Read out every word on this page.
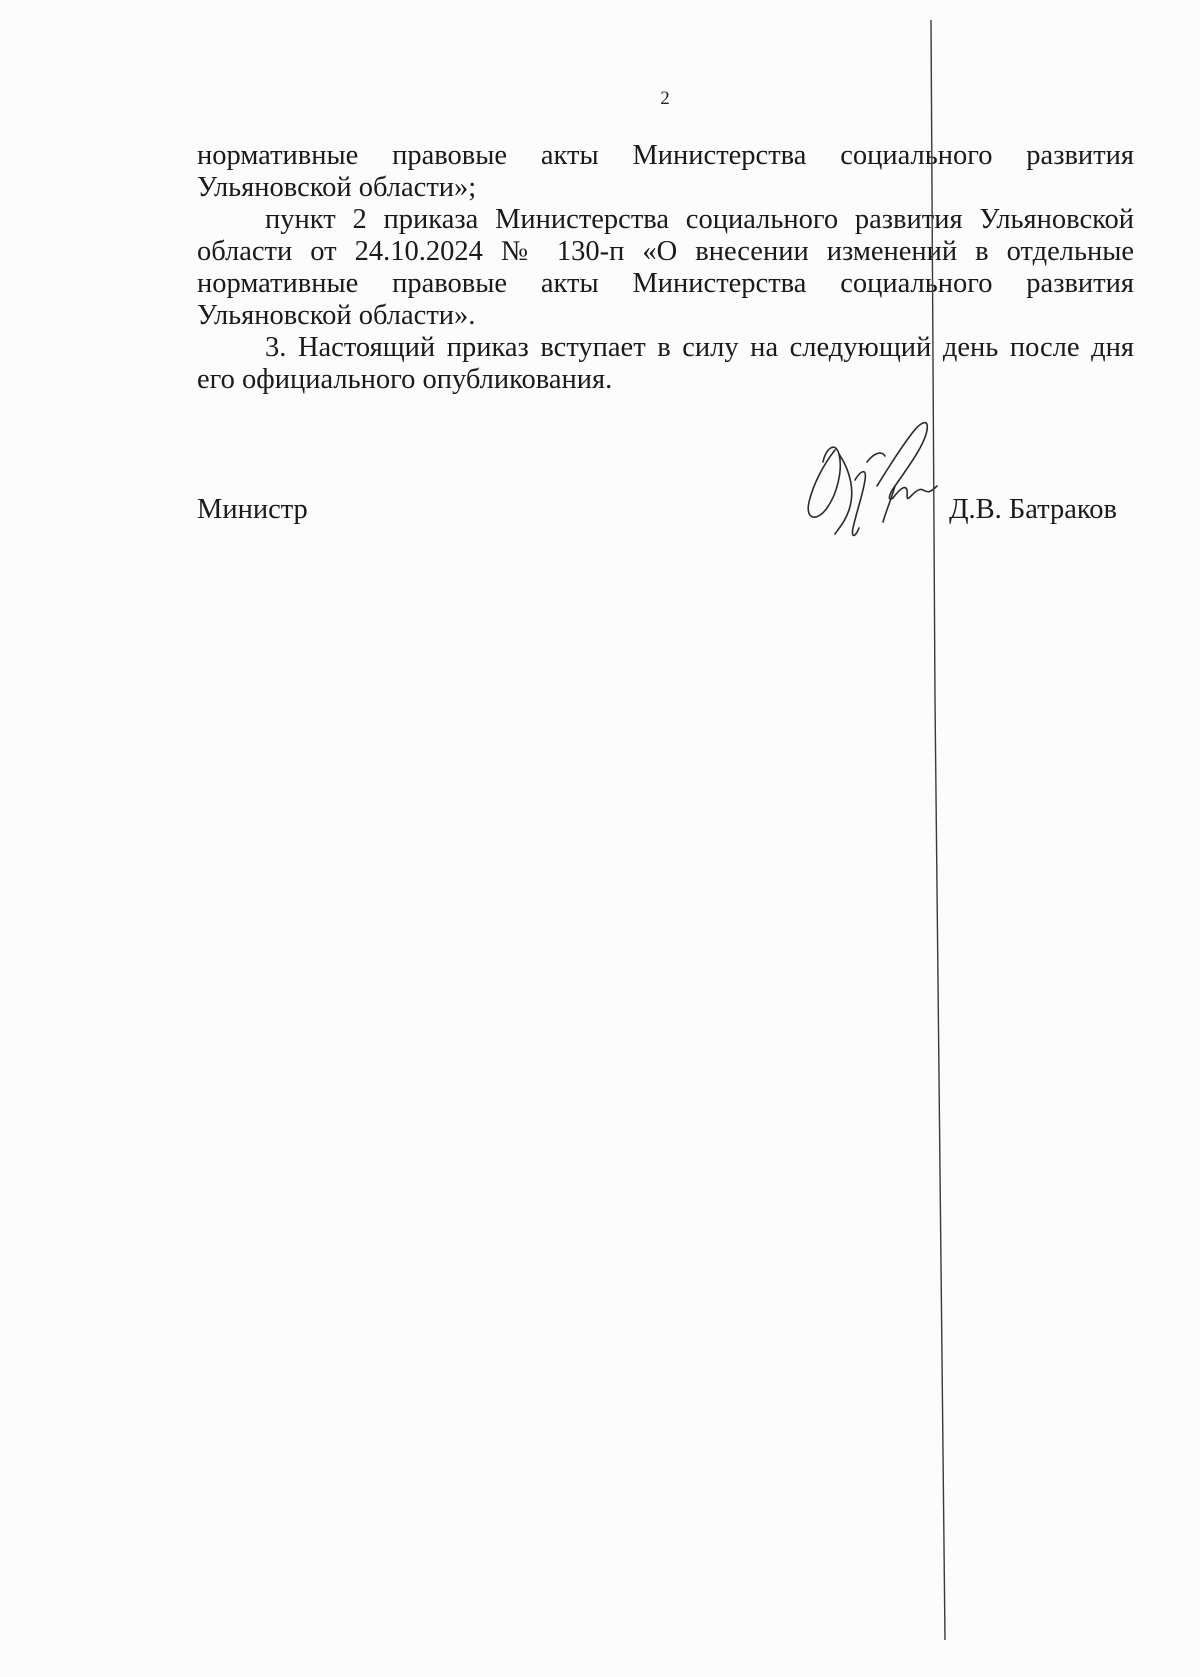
2

нормативные правовые акты Министерства социального развития Ульяновской области»;

пункт 2 приказа Министерства социального развития Ульяновской области от 24.10.2024 № 130-п «О внесении изменений в отдельные нормативные правовые акты Министерства социального развития Ульяновской области».

3. Настоящий приказ вступает в силу на следующий день после дня его официального опубликования.

Министр	Д.В. Батраков
